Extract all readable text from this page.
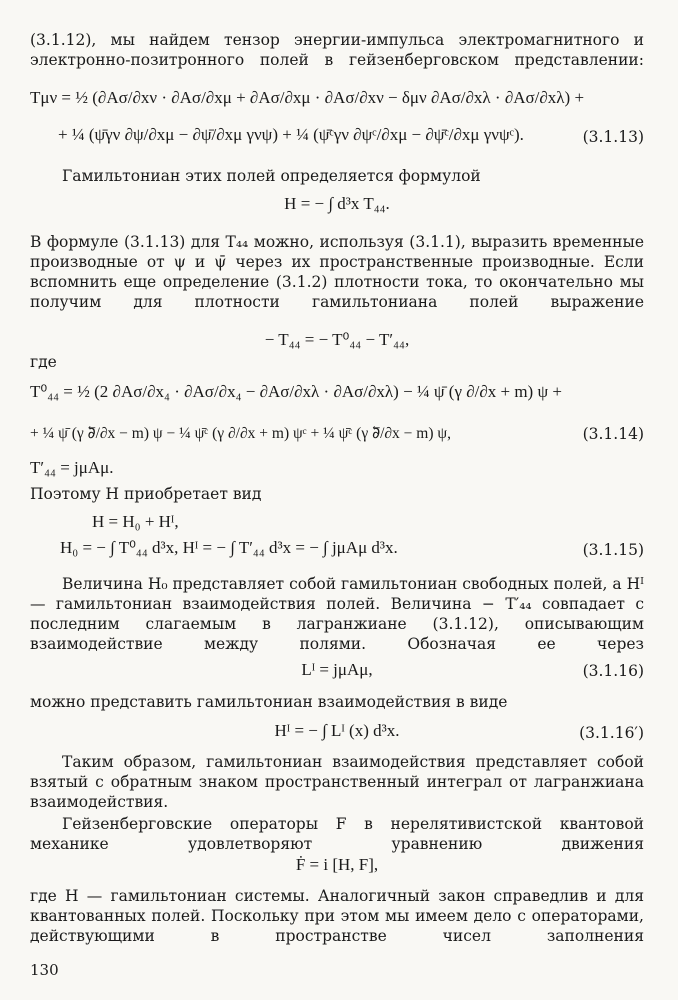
(3.1.12), мы найдем тензор энергии-импульса электромагнитного и электронно-позитронного полей в гейзенберговском представлении:

Tμν = ½ (∂Aσ/∂xν · ∂Aσ/∂xμ + ∂Aσ/∂xμ · ∂Aσ/∂xν − δμν ∂Aσ/∂xλ · ∂Aσ/∂xλ) +
+ ¼ (ψ̄γν ∂ψ/∂xμ − ∂ψ̄/∂xμ γνψ) + ¼ (ψ̄ᶜγν ∂ψᶜ/∂xμ − ∂ψ̄ᶜ/∂xμ γνψᶜ).	(3.1.13)

Гамильтониан этих полей определяется формулой

H = − ∫ d³x T₄₄.

В формуле (3.1.13) для T₄₄ можно, используя (3.1.1), выразить временные производные от ψ и ψ̄ через их пространственные производные. Если вспомнить еще определение (3.1.2) плотности тока, то окончательно мы получим для плотности гамильтониана полей выражение

− T₄₄ = − T⁰₄₄ − T′₄₄,

где

T⁰₄₄ = ½ (2 ∂Aσ/∂x₄ · ∂Aσ/∂x₄ − ∂Aσ/∂xλ · ∂Aσ/∂xλ) − ¼ ψ̄ (γ ∂/∂x + m) ψ +
+ ¼ ψ̄ (γ ∂⃖/∂x − m) ψ − ¼ ψ̄ᶜ (γ ∂/∂x + m) ψᶜ + ¼ ψ̄ᶜ (γ ∂⃖/∂x − m) ψ,	(3.1.14)
T′₄₄ = jμAμ.

Поэтому H приобретает вид

H = H₀ + Hᴵ,
H₀ = − ∫ T⁰₄₄ d³x, Hᴵ = − ∫ T′₄₄ d³x = − ∫ jμAμ d³x.	(3.1.15)

Величина H₀ представляет собой гамильтониан свободных полей, а Hᴵ — гамильтониан взаимодействия полей. Величина − T′₄₄ совпадает с последним слагаемым в лагранжиане (3.1.12), описывающим взаимодействие между полями. Обозначая ее через

Lᴵ = jμAμ,	(3.1.16)

можно представить гамильтониан взаимодействия в виде

Hᴵ = − ∫ Lᴵ (x) d³x.	(3.1.16′)

Таким образом, гамильтониан взаимодействия представляет собой взятый с обратным знаком пространственный интеграл от лагранжиана взаимодействия.

Гейзенберговские операторы F в нерелятивистской квантовой механике удовлетворяют уравнению движения

Ḟ = i [H, F],

где H — гамильтониан системы. Аналогичный закон справедлив и для квантованных полей. Поскольку при этом мы имеем дело с операторами, действующими в пространстве чисел заполнения

130
